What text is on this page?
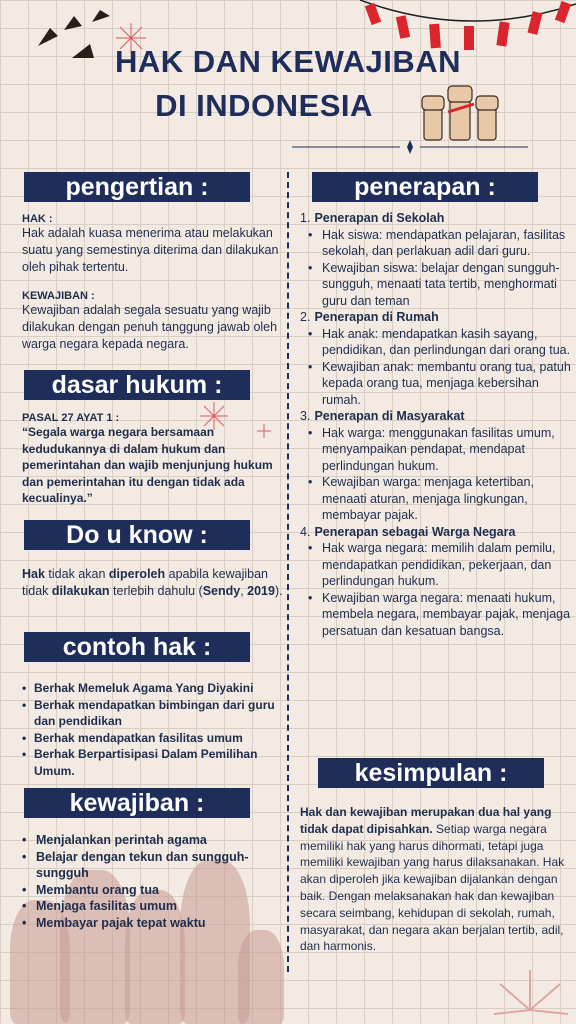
HAK DAN KEWAJIBAN
DI INDONESIA
pengertian :
HAK :
Hak adalah kuasa menerima atau melakukan suatu yang semestinya diterima dan dilakukan oleh pihak tertentu.
KEWAJIBAN :
Kewajiban adalah segala sesuatu yang wajib dilakukan dengan penuh tanggung jawab oleh warga negara kepada negara.
dasar hukum :
PASAL 27 AYAT 1 :
“Segala warga negara bersamaan kedudukannya di dalam hukum dan pemerintahan dan wajib menjunjung hukum dan pemerintahan itu dengan tidak ada kecualinya.”
Do u know :
Hak tidak akan diperoleh apabila kewajiban tidak dilakukan terlebih dahulu (Sendy, 2019).
contoh hak :
• Berhak Memeluk Agama Yang Diyakini
• Berhak mendapatkan bimbingan dari guru dan pendidikan
• Berhak mendapatkan fasilitas umum
• Berhak Berpartisipasi Dalam Pemilihan Umum.
kewajiban :
• Menjalankan perintah agama
• Belajar dengan tekun dan sungguh-sungguh
• Membantu orang tua
• Menjaga fasilitas umum
• Membayar pajak tepat waktu
penerapan :
1. Penerapan di Sekolah
• Hak siswa: mendapatkan pelajaran, fasilitas sekolah, dan perlakuan adil dari guru.
• Kewajiban siswa: belajar dengan sungguh-sungguh, menaati tata tertib, menghormati guru dan teman
2. Penerapan di Rumah
• Hak anak: mendapatkan kasih sayang, pendidikan, dan perlindungan dari orang tua.
• Kewajiban anak: membantu orang tua, patuh kepada orang tua, menjaga kebersihan rumah.
3. Penerapan di Masyarakat
• Hak warga: menggunakan fasilitas umum, menyampaikan pendapat, mendapat perlindungan hukum.
• Kewajiban warga: menjaga ketertiban, menaati aturan, menjaga lingkungan, membayar pajak.
4. Penerapan sebagai Warga Negara
• Hak warga negara: memilih dalam pemilu, mendapatkan pendidikan, pekerjaan, dan perlindungan hukum.
• Kewajiban warga negara: menaati hukum, membela negara, membayar pajak, menjaga persatuan dan kesatuan bangsa.
kesimpulan :
Hak dan kewajiban merupakan dua hal yang tidak dapat dipisahkan. Setiap warga negara memiliki hak yang harus dihormati, tetapi juga memiliki kewajiban yang harus dilaksanakan. Hak akan diperoleh jika kewajiban dijalankan dengan baik. Dengan melaksanakan hak dan kewajiban secara seimbang, kehidupan di sekolah, rumah, masyarakat, dan negara akan berjalan tertib, adil, dan harmonis.
